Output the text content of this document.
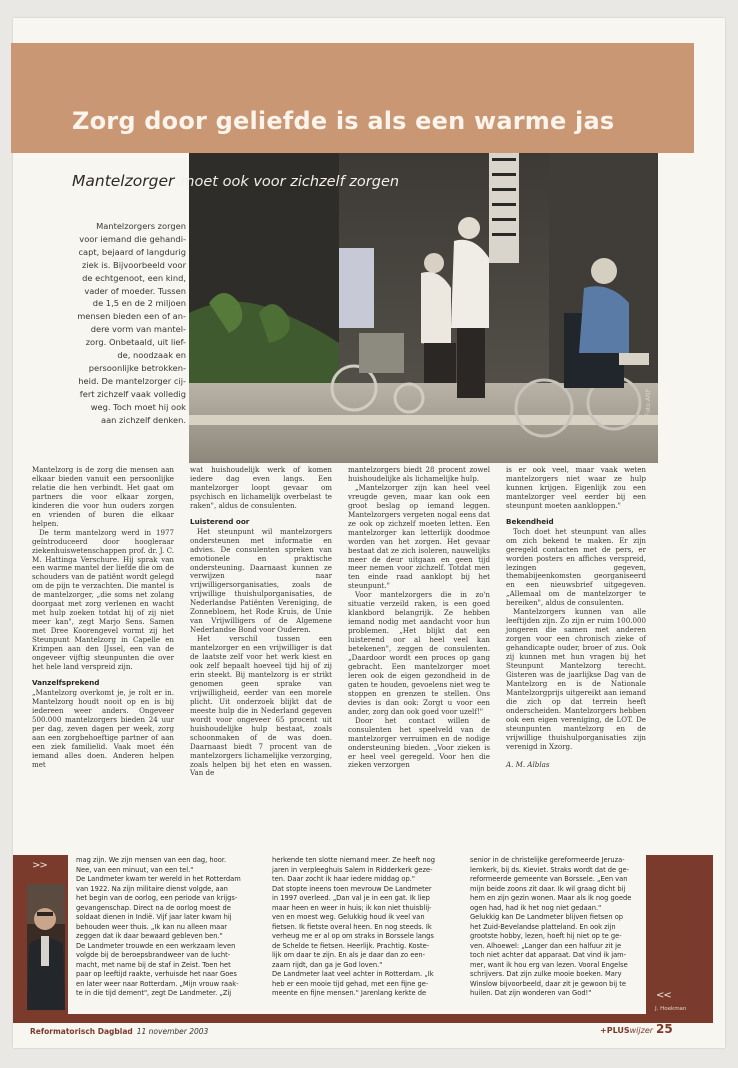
Zorg door geliefde is als een warme jas
Foto ANP
Mantelzorger moet ook voor zichzelf zorgen
Mantelzorgers zorgen
voor iemand die gehandi-
capt, bejaard of langdurig
ziek is. Bijvoorbeeld voor
de echtgenoot, een kind,
vader of moeder. Tussen
de 1,5 en de 2 miljoen
mensen bieden een of an-
dere vorm van mantel-
zorg. Onbetaald, uit lief-
de, noodzaak en
persoonlijke betrokken-
heid. De mantelzorger cij-
fert zichzelf vaak volledig
weg. Toch moet hij ook
aan zichzelf denken.

Mantelzorg is de zorg die mensen aan elkaar bieden vanuit een persoonlijke relatie die hen verbindt. Het gaat om partners die voor elkaar zorgen, kinderen die voor hun ouders zorgen en vrienden of buren die elkaar helpen.

De term mantelzorg werd in 1977 geïntroduceerd door hoogleraar ziekenhuiswetenschappen prof. dr. J. C. M. Hattinga Verschure. Hij sprak van een warme mantel der liefde die om de schouders van de patiënt wordt gelegd om de pijn te verzachten. Die mantel is de mantelzorger, „die soms net zolang doorgaat met zorg verlenen en wacht met hulp zoeken totdat hij of zij niet meer kan", zegt Marjo Sens. Samen met Dree Koorengevel vormt zij het Steunpunt Mantelzorg in Capelle en Krimpen aan den IJssel, een van de ongeveer vijftig steunpunten die over het hele land verspreid zijn.

Vanzelfsprekend

„Mantelzorg overkomt je, je rolt er in. Mantelzorg houdt nooit op en is bij iedereen weer anders. Ongeveer 500.000 mantelzorgers bieden 24 uur per dag, zeven dagen per week, zorg aan een zorgbehoeftige partner of aan een ziek familielid. Vaak moet één iemand alles doen. Anderen helpen met

wat huishoudelijk werk of komen iedere dag even langs. Een mantelzorger loopt gevaar om psychisch en lichamelijk overbelast te raken", aldus de consulenten.

Luisterend oor

Het steunpunt wil mantelzorgers ondersteunen met informatie en advies. De consulenten spreken van emotionele en praktische ondersteuning. Daarnaast kunnen ze verwijzen naar vrijwilligersorganisaties, zoals de vrijwillige thuishulporganisaties, de Nederlandse Patiënten Vereniging, de Zonnebloem, het Rode Kruis, de Unie van Vrijwilligers of de Algemene Nederlandse Bond voor Ouderen.

Het verschil tussen een mantelzorger en een vrijwilliger is dat de laatste zelf voor het werk kiest en ook zelf bepaalt hoeveel tijd hij of zij erin steekt. Bij mantelzorg is er strikt genomen geen sprake van vrijwilligheid, eerder van een morele plicht. Uit onderzoek blijkt dat de meeste hulp die in Nederland gegeven wordt voor ongeveer 65 procent uit huishoudelijke hulp bestaat, zoals schoonmaken of de was doen. Daarnaast biedt 7 procent van de mantelzorgers lichamelijke verzorging, zoals helpen bij het eten en wassen. Van de

mantelzorgers biedt 28 procent zowel huishoudelijke als lichamelijke hulp.

„Mantelzorger zijn kan heel veel vreugde geven, maar kan ook een groot beslag op iemand leggen. Mantelzorgers vergeten nogal eens dat ze ook op zichzelf moeten letten. Een mantelzorger kan letterlijk doodmoe worden van het zorgen. Het gevaar bestaat dat ze zich isoleren, nauwelijks meer de deur uitgaan en geen tijd meer nemen voor zichzelf. Totdat men ten einde raad aanklopt bij het steunpunt."

Voor mantelzorgers die in zo'n situatie verzeild raken, is een goed klankbord belangrijk. Ze hebben iemand nodig met aandacht voor hun problemen. „Het blijkt dat een luisterend oor al heel veel kan betekenen", zeggen de consulenten. „Daardoor wordt een proces op gang gebracht. Een mantelzorger moet leren ook de eigen gezondheid in de gaten te houden, gevoelens niet weg te stoppen en grenzen te stellen. Ons devies is dan ook: Zorgt u voor een ander, zorg dan ook goed voor uzelf!"

Door het contact willen de consulenten het speelveld van de mantelzorger verruimen en de nodige ondersteuning bieden. „Voor zieken is er heel veel geregeld. Voor hen die zieken verzorgen

is er ook veel, maar vaak weten mantelzorgers niet waar ze hulp kunnen krijgen. Eigenlijk zou een mantelzorger veel eerder bij een steunpunt moeten aankloppen."

Bekendheid

Toch doet het steunpunt van alles om zich bekend te maken. Er zijn geregeld contacten met de pers, er worden posters en affiches verspreid, lezingen gegeven, themabijeenkomsten georganiseerd en een nieuwsbrief uitgegeven. „Allemaal om de mantelzorger te bereiken", aldus de consulenten.

Mantelzorgers kunnen van alle leeftijden zijn. Zo zijn er ruim 100.000 jongeren die samen met anderen zorgen voor een chronisch zieke of gehandicapte ouder, broer of zus. Ook zij kunnen met hun vragen bij het Steunpunt Mantelzorg terecht. Gisteren was de jaarlijkse Dag van de Mantelzorg en is de Nationale Mantelzorgprijs uitgereikt aan iemand die zich op dat terrein heeft onderscheiden. Mantelzorgers hebben ook een eigen vereniging, de LOT. De steunpunten mantelzorg en de vrijwillige thuishulporganisaties zijn verenigd in Xzorg.

A. M. Alblas

>>
<<
J. Hoekman
mag zijn. We zijn mensen van een dag, hoor.
Nee, van een minuut, van een tel."
De Landmeter kwam ter wereld in het Rotterdam
van 1922. Na zijn militaire dienst volgde, aan
het begin van de oorlog, een periode van krijgs-
gevangenschap. Direct na de oorlog moest de
soldaat dienen in Indië. Vijf jaar later kwam hij
behouden weer thuis. „Ik kan nu alleen maar
zeggen dat ik daar bewaard gebleven ben."
De Landmeter trouwde en een werkzaam leven
volgde bij de beroepsbrandweer van de lucht-
macht, met name bij de staf in Zeist. Toen het
paar op leeftijd raakte, verhuisde het naar Goes
en later weer naar Rotterdam. „Mijn vrouw raak-
te in die tijd dement", zegt De Landmeter. „Zij
herkende ten slotte niemand meer. Ze heeft nog
jaren in verpleeghuis Salem in Ridderkerk gezе-
ten. Daar zocht ik haar iedere middag op."
Dat stopte ineens toen mevrouw De Landmeter
in 1997 overleed. „Dan val je in een gat. Ik liep
maar heen en weer in huis; ik kon niet thuisblij-
ven en moest weg. Gelukkig houd ik veel van
fietsen. Ik fietste overal heen. En nog steeds. Ik
verheug me er al op om straks in Borssele langs
de Schelde te fietsen. Heerlijk. Prachtig. Koste-
lijk om daar te zijn. En als je daar dan zo een-
zaam rijdt, dan ga je God loven."
De Landmeter laat veel achter in Rotterdam. „Ik
heb er een mooie tijd gehad, met een fijne ge-
meente en fijne mensen." Jarenlang kerkte de
senior in de christelijke gereformeerde Jeruza-
lemkerk, bij ds. Kieviet. Straks wordt dat de ge-
reformeerde gemeente van Borssele. „Een van
mijn beide zoons zit daar. Ik wil graag dicht bij
hem en zijn gezin wonen. Maar als ik nog goede
ogen had, had ik het nog niet gedaan."
Gelukkig kan De Landmeter blijven fietsen op
het Zuid-Bevelandse platteland. En ook zijn
grootste hobby, lezen, hoeft hij niet op te ge-
ven. Alhoewel: „Langer dan een halfuur zit je
toch niet achter dat apparaat. Dat vind ik jam-
mer, want ik hou erg van lezen. Vooral Engelse
schrijvers. Dat zijn zulke mooie boeken. Mary
Winslow bijvoorbeeld, daar zit je gewoon bij te
huilen. Dat zijn wonderen van God!"
Reformatorisch Dagblad 11 november 2003	+PLUSwijzer 25
